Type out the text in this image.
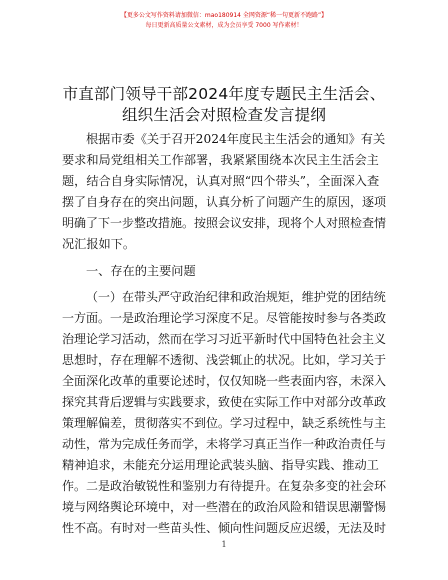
【更多公文写作资料请加微信：mao180914 全网资源“稀一句更新不跑路”】
每日更新高质量公文素材，成为会员享受 7000 写作素材！
市直部门领导干部2024年度专题民主生活会、
组织生活会对照检查发言提纲
根据市委《关于召开2024年度民主生活会的通知》有关
要求和局党组相关工作部署，我紧紧围绕本次民主生活会主
题，结合自身实际情况，认真对照“四个带头”，全面深入查
摆了自身存在的突出问题，认真分析了问题产生的原因，逐项
明确了下一步整改措施。按照会议安排，现将个人对照检查情
况汇报如下。
一、存在的主要问题
（一）在带头严守政治纪律和政治规矩，维护党的团结统
一方面。一是政治理论学习深度不足。尽管能按时参与各类政
治理论学习活动，然而在学习习近平新时代中国特色社会主义
思想时，存在理解不透彻、浅尝辄止的状况。比如，学习关于
全面深化改革的重要论述时，仅仅知晓一些表面内容，未深入
探究其背后逻辑与实践要求，致使在实际工作中对部分改革政
策理解偏差，贯彻落实不到位。学习过程中，缺乏系统性与主
动性，常为完成任务而学，未将学习真正当作一种政治责任与
精神追求，未能充分运用理论武装头脑、指导实践、推动工
作。二是政治敏锐性和鉴别力有待提升。在复杂多变的社会环
境与网络舆论环境中，对一些潜在的政治风险和错误思潮警惕
性不高。有时对一些苗头性、倾向性问题反应迟缓，无法及时
1
